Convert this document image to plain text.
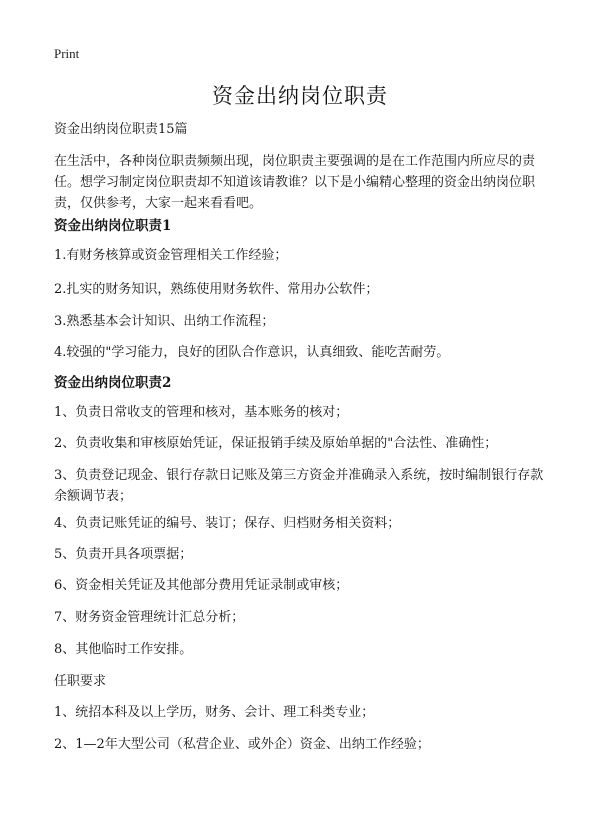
Print
资金出纳岗位职责
资金出纳岗位职责15篇
在生活中，各种岗位职责频频出现，岗位职责主要强调的是在工作范围内所应尽的责任。想学习制定岗位职责却不知道该请教谁？以下是小编精心整理的资金出纳岗位职责，仅供参考，大家一起来看看吧。
资金出纳岗位职责1
1.有财务核算或资金管理相关工作经验；
2.扎实的财务知识，熟练使用财务软件、常用办公软件；
3.熟悉基本会计知识、出纳工作流程；
4.较强的"学习能力，良好的团队合作意识，认真细致、能吃苦耐劳。
资金出纳岗位职责2
1、负责日常收支的管理和核对，基本账务的核对；
2、负责收集和审核原始凭证，保证报销手续及原始单据的"合法性、准确性；
3、负责登记现金、银行存款日记账及第三方资金并准确录入系统，按时编制银行存款余额调节表；
4、负责记账凭证的编号、装订；保存、归档财务相关资料；
5、负责开具各项票据；
6、资金相关凭证及其他部分费用凭证录制或审核；
7、财务资金管理统计汇总分析；
8、其他临时工作安排。
任职要求
1、统招本科及以上学历，财务、会计、理工科类专业；
2、1—2年大型公司（私营企业、或外企）资金、出纳工作经验；
